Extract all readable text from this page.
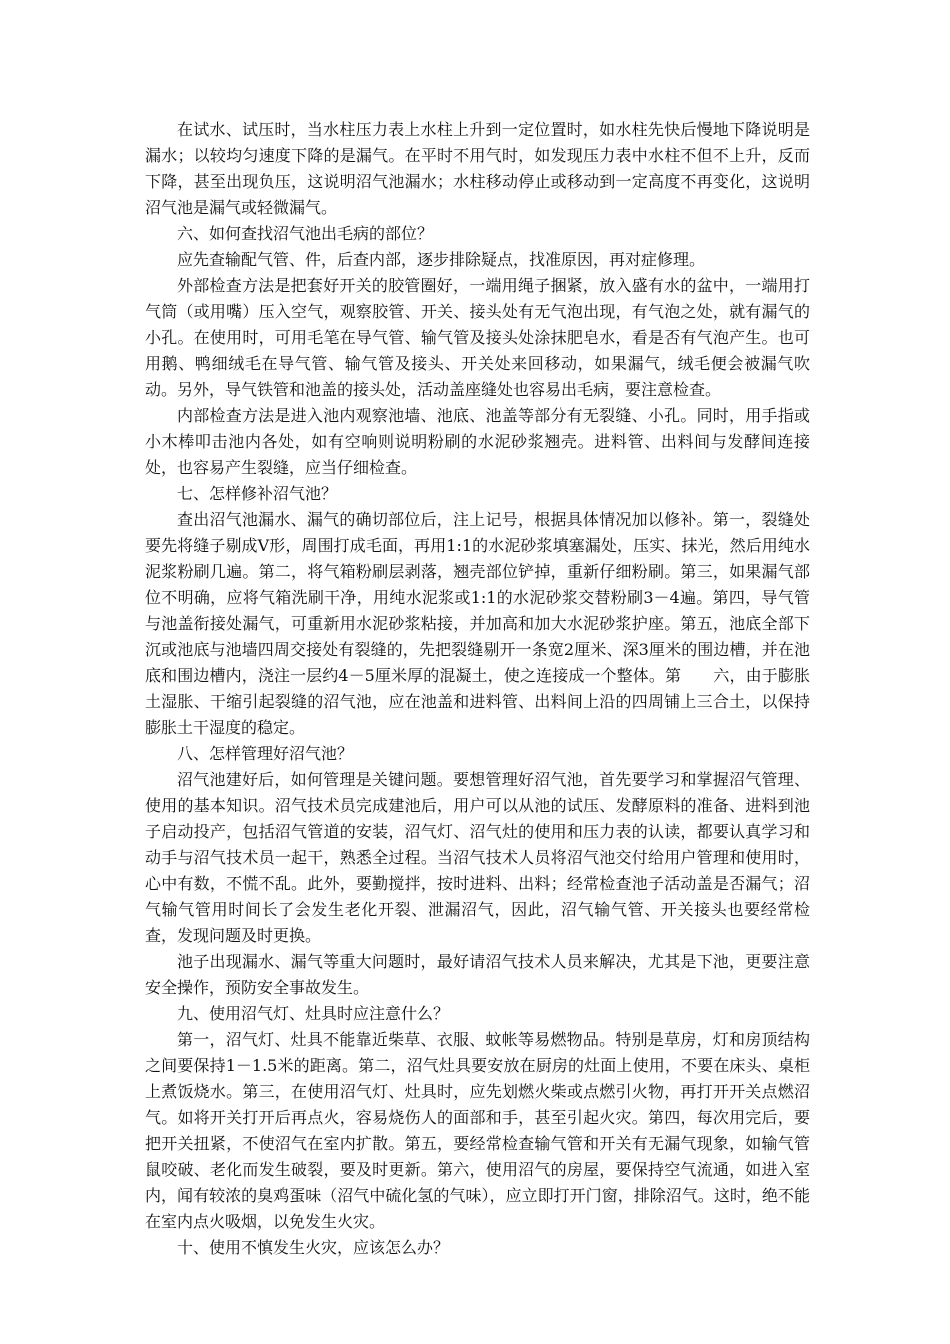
在试水、试压时，当水柱压力表上水柱上升到一定位置时，如水柱先快后慢地下降说明是漏水；以较均匀速度下降的是漏气。在平时不用气时，如发现压力表中水柱不但不上升，反而下降，甚至出现负压，这说明沼气池漏水；水柱移动停止或移动到一定高度不再变化，这说明沼气池是漏气或轻微漏气。

六、如何查找沼气池出毛病的部位？

应先查输配气管、件，后查内部，逐步排除疑点，找准原因，再对症修理。

外部检查方法是把套好开关的胶管圈好，一端用绳子捆紧，放入盛有水的盆中，一端用打气筒（或用嘴）压入空气，观察胶管、开关、接头处有无气泡出现，有气泡之处，就有漏气的小孔。在使用时，可用毛笔在导气管、输气管及接头处涂抹肥皂水，看是否有气泡产生。也可用鹅、鸭细绒毛在导气管、输气管及接头、开关处来回移动，如果漏气，绒毛便会被漏气吹动。另外，导气铁管和池盖的接头处，活动盖座缝处也容易出毛病，要注意检查。

内部检查方法是进入池内观察池墙、池底、池盖等部分有无裂缝、小孔。同时，用手指或小木棒叩击池内各处，如有空响则说明粉刷的水泥砂浆翘壳。进料管、出料间与发酵间连接处，也容易产生裂缝，应当仔细检查。

七、怎样修补沼气池？

查出沼气池漏水、漏气的确切部位后，注上记号，根据具体情况加以修补。第一，裂缝处要先将缝子剔成V形，周围打成毛面，再用1:1的水泥砂浆填塞漏处，压实、抹光，然后用纯水泥浆粉刷几遍。第二，将气箱粉刷层剥落，翘壳部位铲掉，重新仔细粉刷。第三，如果漏气部位不明确，应将气箱洗刷干净，用纯水泥浆或1:1的水泥砂浆交替粉刷3－4遍。第四，导气管与池盖衔接处漏气，可重新用水泥砂浆粘接，并加高和加大水泥砂浆护座。第五，池底全部下沉或池底与池墙四周交接处有裂缝的，先把裂缝剔开一条宽2厘米、深3厘米的围边槽，并在池底和围边槽内，浇注一层约4－5厘米厚的混凝土，使之连接成一个整体。第　　六，由于膨胀土湿胀、干缩引起裂缝的沼气池，应在池盖和进料管、出料间上沿的四周铺上三合土，以保持膨胀土干湿度的稳定。

八、怎样管理好沼气池？

沼气池建好后，如何管理是关键问题。要想管理好沼气池，首先要学习和掌握沼气管理、使用的基本知识。沼气技术员完成建池后，用户可以从池的试压、发酵原料的准备、进料到池子启动投产，包括沼气管道的安装，沼气灯、沼气灶的使用和压力表的认读，都要认真学习和动手与沼气技术员一起干，熟悉全过程。当沼气技术人员将沼气池交付给用户管理和使用时，心中有数，不慌不乱。此外，要勤搅拌，按时进料、出料；经常检查池子活动盖是否漏气；沼气输气管用时间长了会发生老化开裂、泄漏沼气，因此，沼气输气管、开关接头也要经常检查，发现问题及时更换。

池子出现漏水、漏气等重大问题时，最好请沼气技术人员来解决，尤其是下池，更要注意安全操作，预防安全事故发生。

九、使用沼气灯、灶具时应注意什么？

第一，沼气灯、灶具不能靠近柴草、衣服、蚊帐等易燃物品。特别是草房，灯和房顶结构之间要保持1－1.5米的距离。第二，沼气灶具要安放在厨房的灶面上使用，不要在床头、桌柜上煮饭烧水。第三，在使用沼气灯、灶具时，应先划燃火柴或点燃引火物，再打开开关点燃沼气。如将开关打开后再点火，容易烧伤人的面部和手，甚至引起火灾。第四，每次用完后，要把开关扭紧，不使沼气在室内扩散。第五，要经常检查输气管和开关有无漏气现象，如输气管鼠咬破、老化而发生破裂，要及时更新。第六，使用沼气的房屋，要保持空气流通，如进入室内，闻有较浓的臭鸡蛋味（沼气中硫化氢的气味），应立即打开门窗，排除沼气。这时，绝不能在室内点火吸烟，以免发生火灾。

十、使用不慎发生火灾，应该怎么办？
